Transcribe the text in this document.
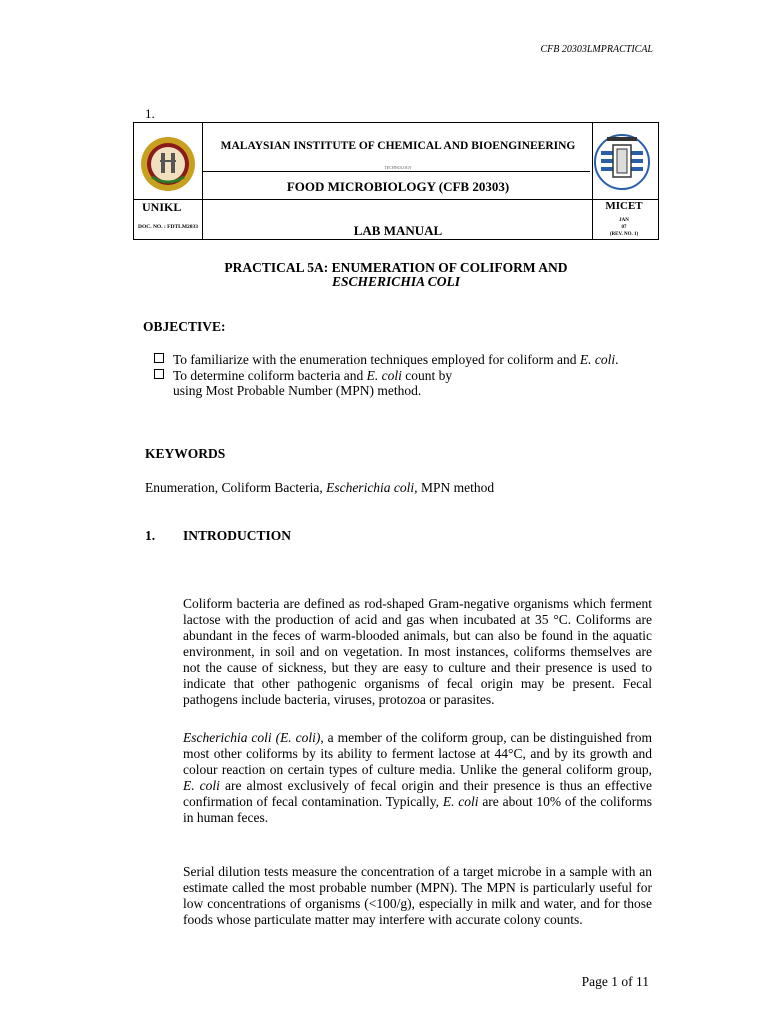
CFB 20303LMPRACTICAL
1.
MALAYSIAN INSTITUTE OF CHEMICAL AND BIOENGINEERING
TECHNOLOGY
FOOD MICROBIOLOGY (CFB 20303)
UNIKL
DOC. NO. : FDTLM2033	LAB MANUAL
MICET
JAN
07
(REV. NO. 1)
PRACTICAL 5A: ENUMERATION OF COLIFORM AND
ESCHERICHIA COLI
OBJECTIVE:
To familiarize with the enumeration techniques employed for coliform and E. coli.
To determine coliform bacteria and E. coli count by using Most Probable Number (MPN) method.
KEYWORDS
Enumeration, Coliform Bacteria, Escherichia coli, MPN method
1. INTRODUCTION
Coliform bacteria are defined as rod-shaped Gram-negative organisms which ferment lactose with the production of acid and gas when incubated at 35 °C. Coliforms are abundant in the feces of warm-blooded animals, but can also be found in the aquatic environment, in soil and on vegetation. In most instances, coliforms themselves are not the cause of sickness, but they are easy to culture and their presence is used to indicate that other pathogenic organisms of fecal origin may be present. Fecal pathogens include bacteria, viruses, protozoa or parasites.
Escherichia coli (E. coli), a member of the coliform group, can be distinguished from most other coliforms by its ability to ferment lactose at 44°C, and by its growth and colour reaction on certain types of culture media. Unlike the general coliform group, E. coli are almost exclusively of fecal origin and their presence is thus an effective confirmation of fecal contamination. Typically, E. coli are about 10% of the coliforms in human feces.
Serial dilution tests measure the concentration of a target microbe in a sample with an estimate called the most probable number (MPN). The MPN is particularly useful for low concentrations of organisms (<100/g), especially in milk and water, and for those foods whose particulate matter may interfere with accurate colony counts.
Page 1 of 11
